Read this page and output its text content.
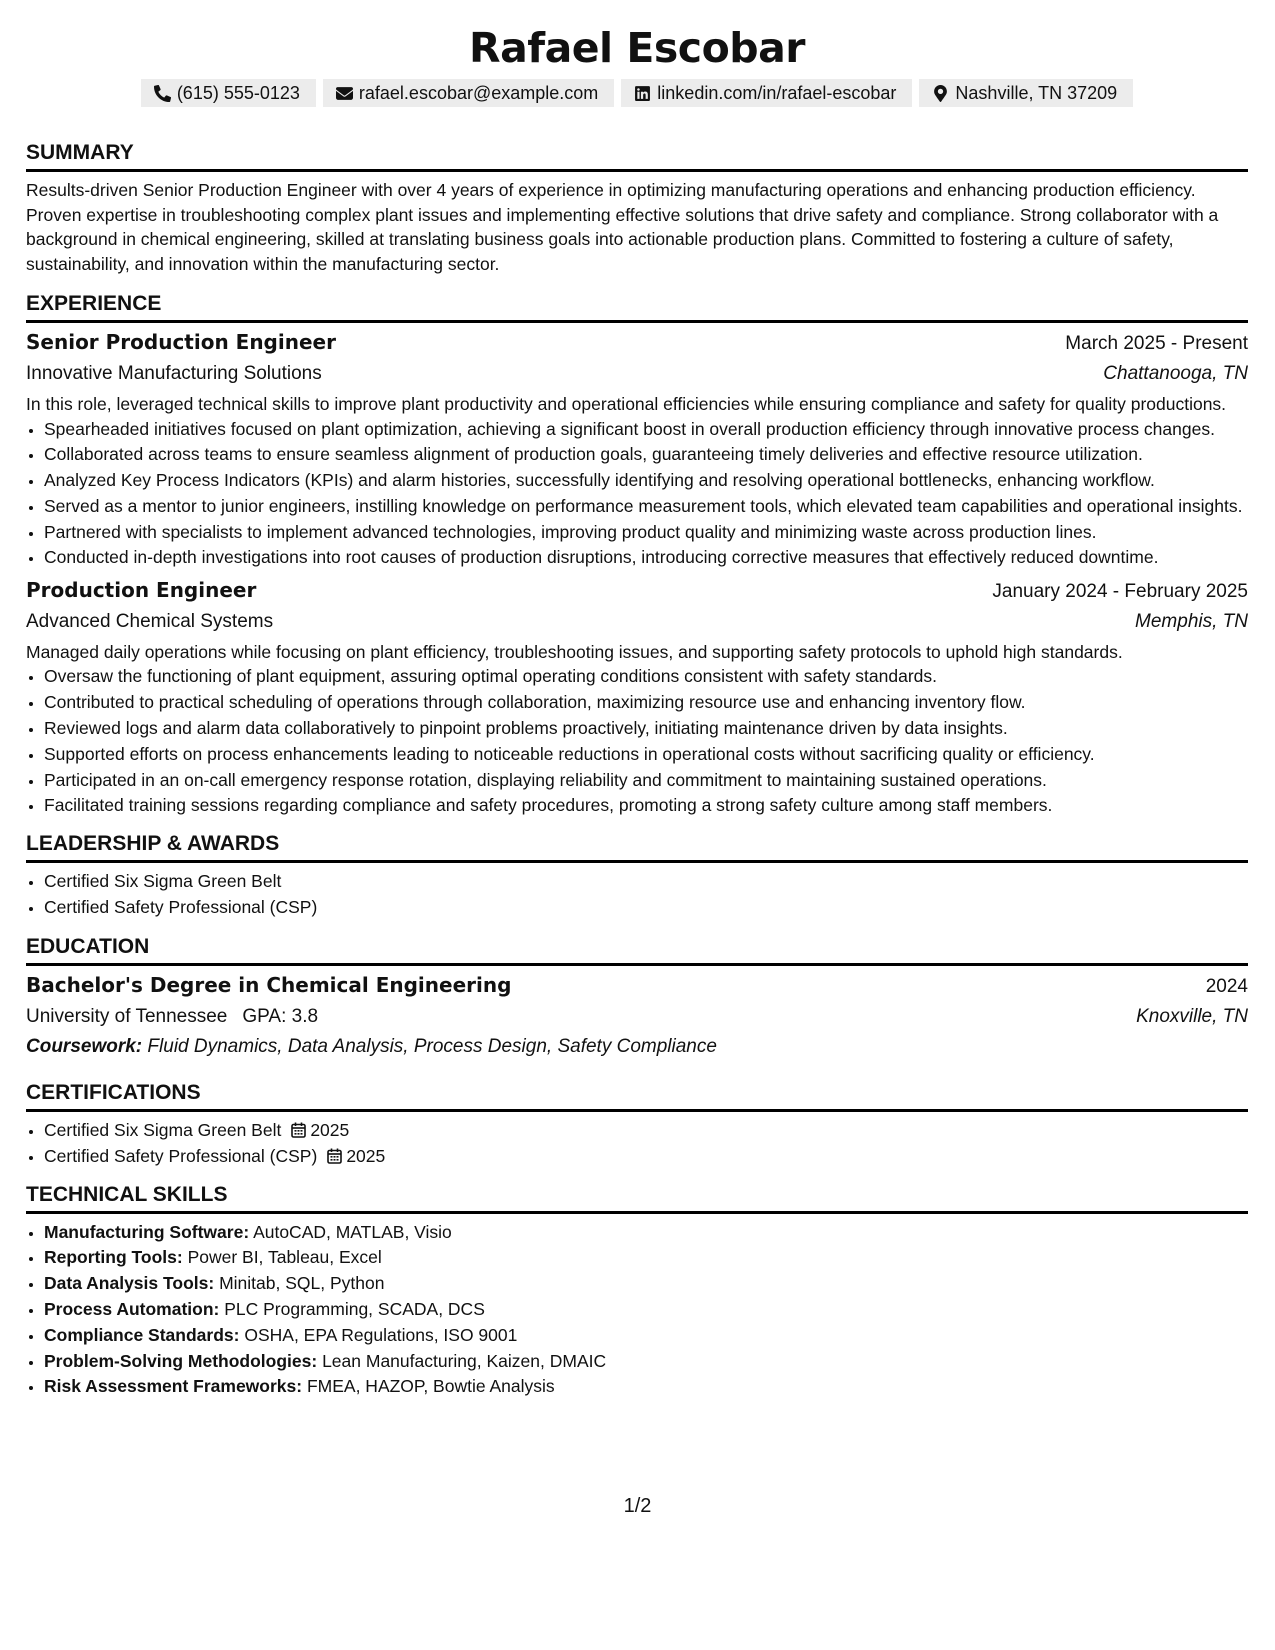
Rafael Escobar
(615) 555-0123	rafael.escobar@example.com	linkedin.com/in/rafael-escobar	Nashville, TN 37209
SUMMARY

Results-driven Senior Production Engineer with over 4 years of experience in optimizing manufacturing operations and enhancing production efficiency. Proven expertise in troubleshooting complex plant issues and implementing effective solutions that drive safety and compliance. Strong collaborator with a background in chemical engineering, skilled at translating business goals into actionable production plans. Committed to fostering a culture of safety, sustainability, and innovation within the manufacturing sector.

EXPERIENCE
Senior Production Engineer	March 2025 - Present
Innovative Manufacturing Solutions	Chattanooga, TN

In this role, leveraged technical skills to improve plant productivity and operational efficiencies while ensuring compliance and safety for quality productions.

• Spearheaded initiatives focused on plant optimization, achieving a significant boost in overall production efficiency through innovative process changes.
• Collaborated across teams to ensure seamless alignment of production goals, guaranteeing timely deliveries and effective resource utilization.
• Analyzed Key Process Indicators (KPIs) and alarm histories, successfully identifying and resolving operational bottlenecks, enhancing workflow.
• Served as a mentor to junior engineers, instilling knowledge on performance measurement tools, which elevated team capabilities and operational insights.
• Partnered with specialists to implement advanced technologies, improving product quality and minimizing waste across production lines.
• Conducted in-depth investigations into root causes of production disruptions, introducing corrective measures that effectively reduced downtime.
Production Engineer	January 2024 - February 2025
Advanced Chemical Systems	Memphis, TN

Managed daily operations while focusing on plant efficiency, troubleshooting issues, and supporting safety protocols to uphold high standards.

• Oversaw the functioning of plant equipment, assuring optimal operating conditions consistent with safety standards.
• Contributed to practical scheduling of operations through collaboration, maximizing resource use and enhancing inventory flow.
• Reviewed logs and alarm data collaboratively to pinpoint problems proactively, initiating maintenance driven by data insights.
• Supported efforts on process enhancements leading to noticeable reductions in operational costs without sacrificing quality or efficiency.
• Participated in an on-call emergency response rotation, displaying reliability and commitment to maintaining sustained operations.
• Facilitated training sessions regarding compliance and safety procedures, promoting a strong safety culture among staff members.
LEADERSHIP & AWARDS
• Certified Six Sigma Green Belt
• Certified Safety Professional (CSP)
EDUCATION
Bachelor's Degree in Chemical Engineering	2024
University of Tennessee GPA: 3.8	Knoxville, TN
Coursework: Fluid Dynamics, Data Analysis, Process Design, Safety Compliance
CERTIFICATIONS
• Certified Six Sigma Green Belt 2025
• Certified Safety Professional (CSP) 2025
TECHNICAL SKILLS
• Manufacturing Software: AutoCAD, MATLAB, Visio
• Reporting Tools: Power BI, Tableau, Excel
• Data Analysis Tools: Minitab, SQL, Python
• Process Automation: PLC Programming, SCADA, DCS
• Compliance Standards: OSHA, EPA Regulations, ISO 9001
• Problem-Solving Methodologies: Lean Manufacturing, Kaizen, DMAIC
• Risk Assessment Frameworks: FMEA, HAZOP, Bowtie Analysis
1/2
